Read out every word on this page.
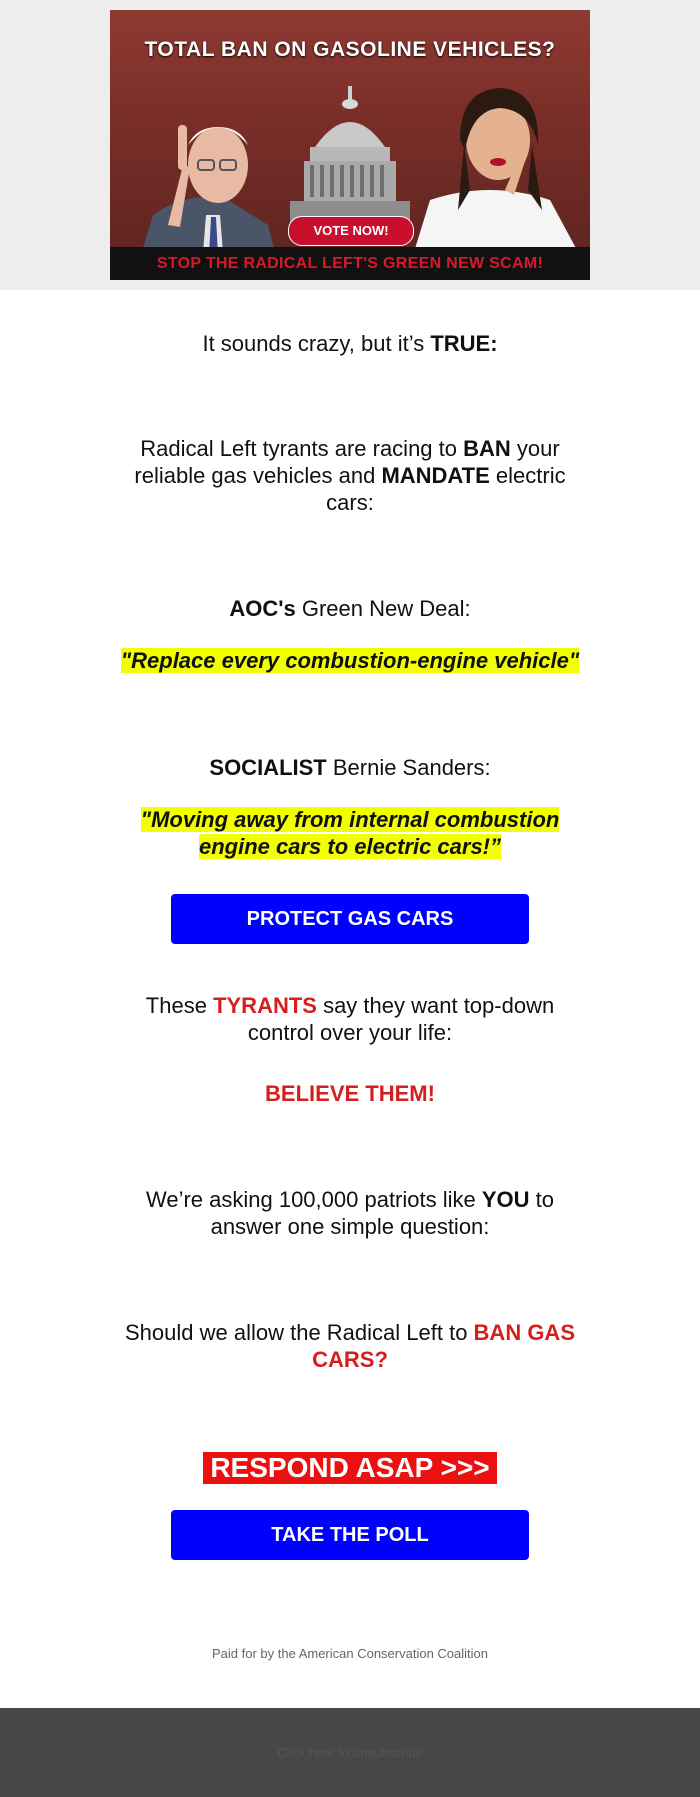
TOTAL BAN ON GASOLINE VEHICLES?
VOTE NOW!
STOP THE RADICAL LEFT'S GREEN NEW SCAM!
It sounds crazy, but it’s TRUE:
Radical Left tyrants are racing to BAN your reliable gas vehicles and MANDATE electric cars:
AOC's Green New Deal:
"Replace every combustion-engine vehicle"
SOCIALIST Bernie Sanders:
"Moving away from internal combustion
engine cars to electric cars!”
PROTECT GAS CARS
These TYRANTS say they want top-down control over your life:
BELIEVE THEM!
We’re asking 100,000 patriots like YOU to answer one simple question:
Should we allow the Radical Left to BAN GAS CARS?
RESPOND ASAP >>>
TAKE THE POLL
Paid for by the American Conservation Coalition
Click here to unsubscribe
